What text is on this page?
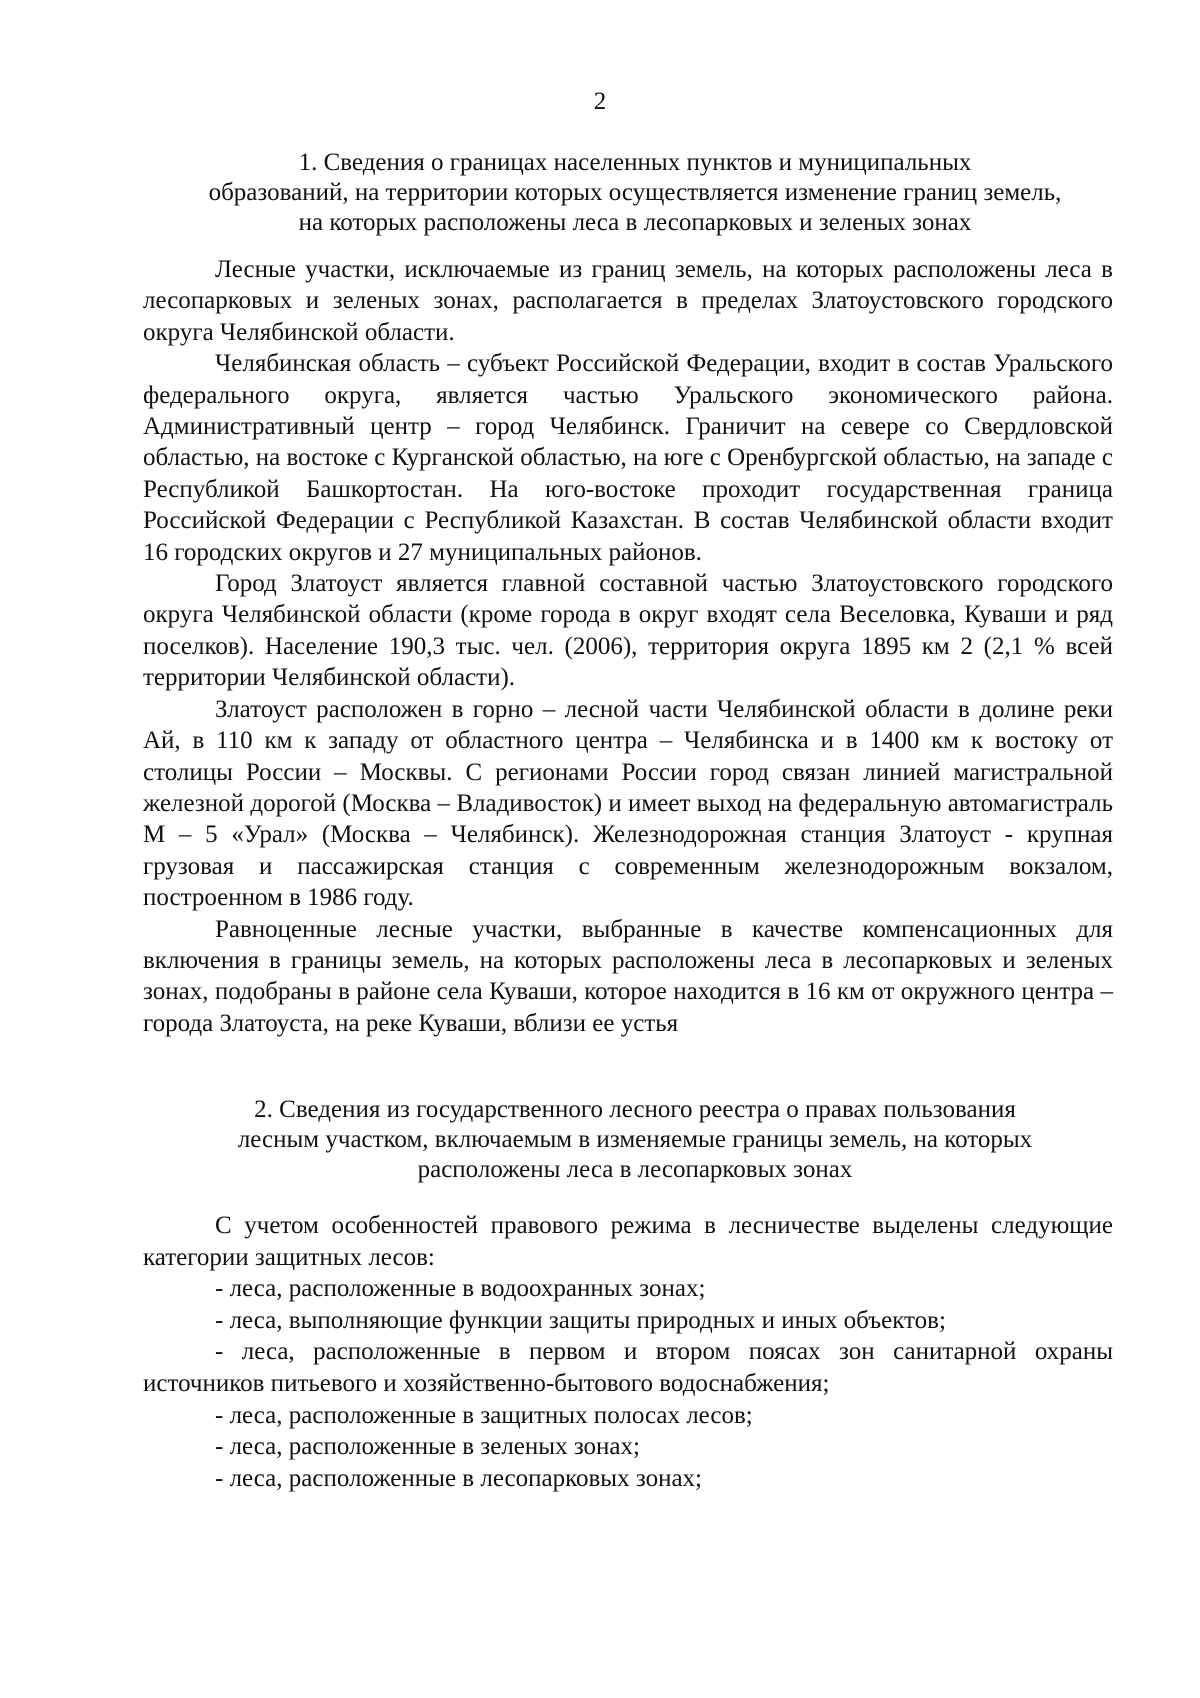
2
1. Сведения о границах населенных пунктов и муниципальных
образований, на территории которых осуществляется изменение границ земель,
на которых расположены леса в лесопарковых и зеленых зонах

Лесные участки, исключаемые из границ земель, на которых расположены леса в лесопарковых и зеленых зонах, располагается в пределах Златоустовского городского округа Челябинской области.

Челябинская область – субъект Российской Федерации, входит в состав Уральского федерального округа, является частью Уральского экономического района. Административный центр – город Челябинск. Граничит на севере со Свердловской областью, на востоке с Курганской областью, на юге с Оренбургской областью, на западе с Республикой Башкортостан. На юго-востоке проходит государственная граница Российской Федерации с Республикой Казахстан. В состав Челябинской области входит 16 городских округов и 27 муниципальных районов.

Город Златоуст является главной составной частью Златоустовского городского округа Челябинской области (кроме города в округ входят села Веселовка, Куваши и ряд поселков). Население 190,3 тыс. чел. (2006), территория округа 1895 км 2 (2,1 % всей территории Челябинской области).

Златоуст расположен в горно – лесной части Челябинской области в долине реки Ай, в 110 км к западу от областного центра – Челябинска и в 1400 км к востоку от столицы России – Москвы. С регионами России город связан линией магистральной железной дорогой (Москва – Владивосток) и имеет выход на федеральную автомагистраль М – 5 «Урал» (Москва – Челябинск). Железнодорожная станция Златоуст - крупная грузовая и пассажирская станция с современным железнодорожным вокзалом, построенном в 1986 году.

Равноценные лесные участки, выбранные в качестве компенсационных для включения в границы земель, на которых расположены леса в лесопарковых и зеленых зонах, подобраны в районе села Куваши, которое находится в 16 км от окружного центра – города Златоуста, на реке Куваши, вблизи ее устья

2. Сведения из государственного лесного реестра о правах пользования
лесным участком, включаемым в изменяемые границы земель, на которых
расположены леса в лесопарковых зонах

С учетом особенностей правового режима в лесничестве выделены следующие категории защитных лесов:

- леса, расположенные в водоохранных зонах;

- леса, выполняющие функции защиты природных и иных объектов;

- леса, расположенные в первом и втором поясах зон санитарной охраны источников питьевого и хозяйственно-бытового водоснабжения;

- леса, расположенные в защитных полосах лесов;

- леса, расположенные в зеленых зонах;

- леса, расположенные в лесопарковых зонах;
